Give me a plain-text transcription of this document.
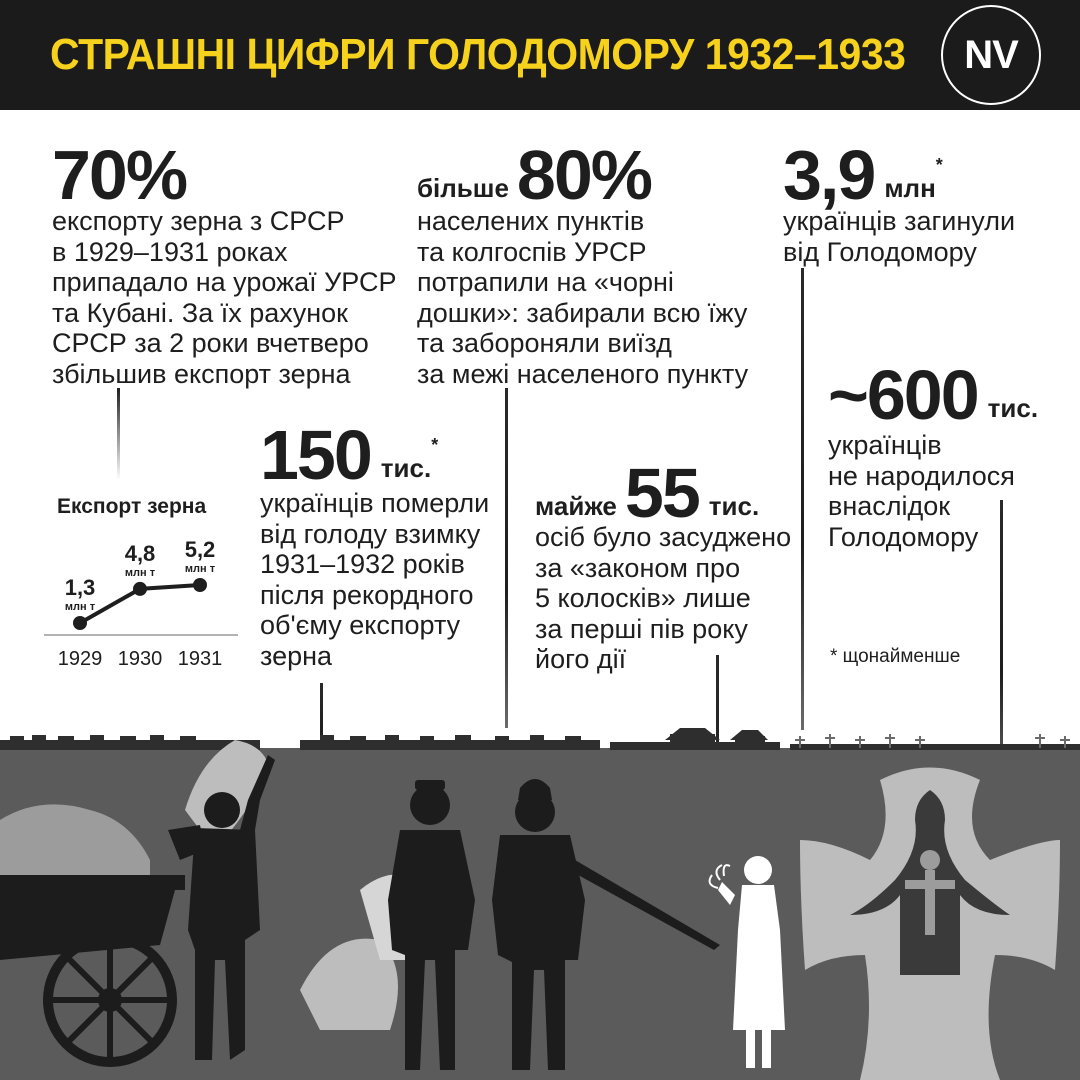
СТРАШНІ ЦИФРИ ГОЛОДОМОРУ 1932–1933	NV
70%
експорту зерна з СРСР
в 1929–1931 роках
припадало на урожаї УРСР
та Кубані. За їх рахунок
СРСР за 2 роки вчетверо
збільшив експорт зерна
більше 80%
населених пунктів
та колгоспів УРСР
потрапили на «чорні
дошки»: забирали всю їжу
та забороняли виїзд
за межі населеного пункту
3,9 млн
*
українців загинули
від Голодомору
150 тис.
*
українців померли
від голоду взимку
1931–1932 років
після рекордного
об'єму експорту
зерна
майже 55 тис.
осіб було засуджено
за «законом про
5 колосків» лише
за перші пів року
його дії
~600 тис.
українців
не народилося
внаслідок
Голодомору
Експорт зерна
1,3
млн т
1929
4,8
млн т
1930
5,2
млн т
1931	* щонайменше
